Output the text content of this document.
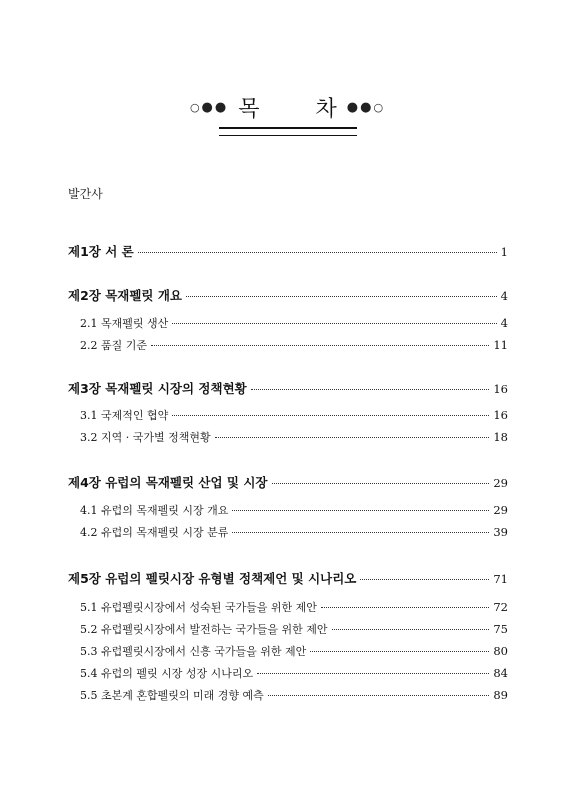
○●● 목	차 ●●○
발간사
제1장 서 론	1
제2장 목재펠릿 개요	4
2.1 목재펠릿 생산	4
2.2 품질 기준	11
제3장 목재펠릿 시장의 정책현황	16
3.1 국제적인 협약	16
3.2 지역 · 국가별 정책현황	18
제4장 유럽의 목재펠릿 산업 및 시장	29
4.1 유럽의 목재펠릿 시장 개요	29
4.2 유럽의 목재펠릿 시장 분류	39
제5장 유럽의 펠릿시장 유형별 정책제언 및 시나리오	71
5.1 유럽펠릿시장에서 성숙된 국가들을 위한 제안	72
5.2 유럽펠릿시장에서 발전하는 국가들을 위한 제안	75
5.3 유럽펠릿시장에서 신흥 국가들을 위한 제안	80
5.4 유럽의 펠릿 시장 성장 시나리오	84
5.5 초본계 혼합펠릿의 미래 경향 예측	89
